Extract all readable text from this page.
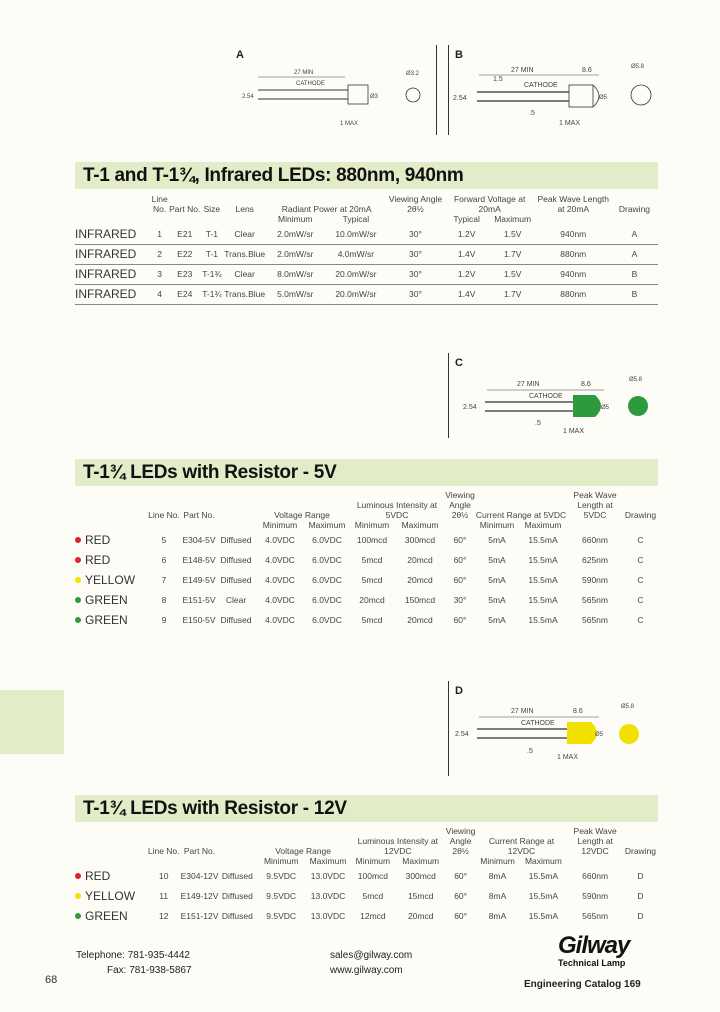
A
27 MIN
CATHODE
2.54
1 MAX
Ø3
Ø3.2
B
27 MIN	8.6
1.5
CATHODE
2.54
.5
1 MAX
Ø5
Ø5.8
T-1 and T-1¾, Infrared LEDs: 880nm, 940nm
	Line No.	Part No.	Size	Lens	Radiant Power at 20mA		Viewing Angle 2θ½	Forward Voltage at 20mA		Peak Wave Length at 20mA	Drawing
					Minimum	Typical		Typical	Maximum		
INFRARED	1	E21	T-1	Clear	2.0mW/sr	10.0mW/sr	30°	1.2V	1.5V	940nm	A
INFRARED	2	E22	T-1	Trans.Blue	2.0mW/sr	4.0mW/sr	30°	1.4V	1.7V	880nm	A
INFRARED	3	E23	T-1¾	Clear	8.0mW/sr	20.0mW/sr	30°	1.2V	1.5V	940nm	B
INFRARED	4	E24	T-1¾	Trans.Blue	5.0mW/sr	20.0mW/sr	30°	1.4V	1.7V	880nm	B
C
27 MIN	8.6
CATHODE
2.54
.5
1 MAX
Ø5
Ø5.8
T-1¾ LEDs with Resistor - 5V
	Line No.	Part No.		Voltage Range		Luminous Intensity at 5VDC		Viewing Angle 2θ½	Current Range at 5VDC		Peak Wave Length at 5VDC	Drawing
				Minimum	Maximum	Minimum	Maximum		Minimum	Maximum		
RED	5	E304-5V	Diffused	4.0VDC	6.0VDC	100mcd	300mcd	60°	5mA	15.5mA	660nm	C
RED	6	E148-5V	Diffused	4.0VDC	6.0VDC	5mcd	20mcd	60°	5mA	15.5mA	625nm	C
YELLOW	7	E149-5V	Diffused	4.0VDC	6.0VDC	5mcd	20mcd	60°	5mA	15.5mA	590nm	C
GREEN	8	E151-5V	Clear	4.0VDC	6.0VDC	20mcd	150mcd	30°	5mA	15.5mA	565nm	C
GREEN	9	E150-5V	Diffused	4.0VDC	6.0VDC	5mcd	20mcd	60°	5mA	15.5mA	565nm	C
D
27 MIN	8.6
CATHODE
2.54
.5
1 MAX
Ø5
Ø5.8
T-1¾ LEDs with Resistor - 12V
	Line No.	Part No.		Voltage Range		Luminous Intensity at 12VDC		Viewing Angle 2θ½	Current Range at 12VDC		Peak Wave Length at 12VDC	Drawing
				Minimum	Maximum	Minimum	Maximum		Minimum	Maximum		
RED	10	E304-12V	Diffused	9.5VDC	13.0VDC	100mcd	300mcd	60°	8mA	15.5mA	660nm	D
YELLOW	11	E149-12V	Diffused	9.5VDC	13.0VDC	5mcd	15mcd	60°	8mA	15.5mA	590nm	D
GREEN	12	E151-12V	Diffused	9.5VDC	13.0VDC	12mcd	20mcd	60°	8mA	15.5mA	565nm	D
Telephone: 781-935-4442
Fax: 781-938-5867
sales@gilway.com
www.gilway.com
Gilway
Technical Lamp
Engineering Catalog 169
68
